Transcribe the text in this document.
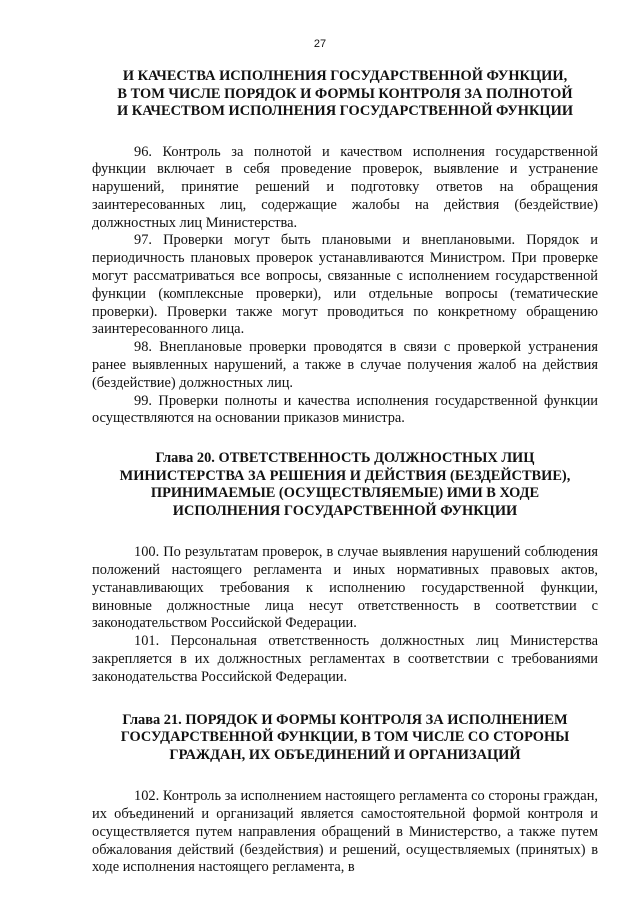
27
И КАЧЕСТВА ИСПОЛНЕНИЯ ГОСУДАРСТВЕННОЙ ФУНКЦИИ,
В ТОМ ЧИСЛЕ ПОРЯДОК И ФОРМЫ КОНТРОЛЯ ЗА ПОЛНОТОЙ
И КАЧЕСТВОМ ИСПОЛНЕНИЯ ГОСУДАРСТВЕННОЙ ФУНКЦИИ

96. Контроль за полнотой и качеством исполнения государственной функции включает в себя проведение проверок, выявление и устранение нарушений, принятие решений и подготовку ответов на обращения заинтересованных лиц, содержащие жалобы на действия (бездействие) должностных лиц Министерства.

97. Проверки могут быть плановыми и внеплановыми. Порядок и периодичность плановых проверок устанавливаются Министром. При проверке могут рассматриваться все вопросы, связанные с исполнением государственной функции (комплексные проверки), или отдельные вопросы (тематические проверки). Проверки также могут проводиться по конкретному обращению заинтересованного лица.

98. Внеплановые проверки проводятся в связи с проверкой устранения ранее выявленных нарушений, а также в случае получения жалоб на действия (бездействие) должностных лиц.

99. Проверки полноты и качества исполнения государственной функции осуществляются на основании приказов министра.

Глава 20. ОТВЕТСТВЕННОСТЬ ДОЛЖНОСТНЫХ ЛИЦ
МИНИСТЕРСТВА ЗА РЕШЕНИЯ И ДЕЙСТВИЯ (БЕЗДЕЙСТВИЕ),
ПРИНИМАЕМЫЕ (ОСУЩЕСТВЛЯЕМЫЕ) ИМИ В ХОДЕ
ИСПОЛНЕНИЯ ГОСУДАРСТВЕННОЙ ФУНКЦИИ

100. По результатам проверок, в случае выявления нарушений соблюдения положений настоящего регламента и иных нормативных правовых актов, устанавливающих требования к исполнению государственной функции, виновные должностные лица несут ответственность в соответствии с законодательством Российской Федерации.

101. Персональная ответственность должностных лиц Министерства закрепляется в их должностных регламентах в соответствии с требованиями законодательства Российской Федерации.

Глава 21. ПОРЯДОК И ФОРМЫ КОНТРОЛЯ ЗА ИСПОЛНЕНИЕМ
ГОСУДАРСТВЕННОЙ ФУНКЦИИ, В ТОМ ЧИСЛЕ СО СТОРОНЫ
ГРАЖДАН, ИХ ОБЪЕДИНЕНИЙ И ОРГАНИЗАЦИЙ

102. Контроль за исполнением настоящего регламента со стороны граждан, их объединений и организаций является самостоятельной формой контроля и осуществляется путем направления обращений в Министерство, а также путем обжалования действий (бездействия) и решений, осуществляемых (принятых) в ходе исполнения настоящего регламента, в
